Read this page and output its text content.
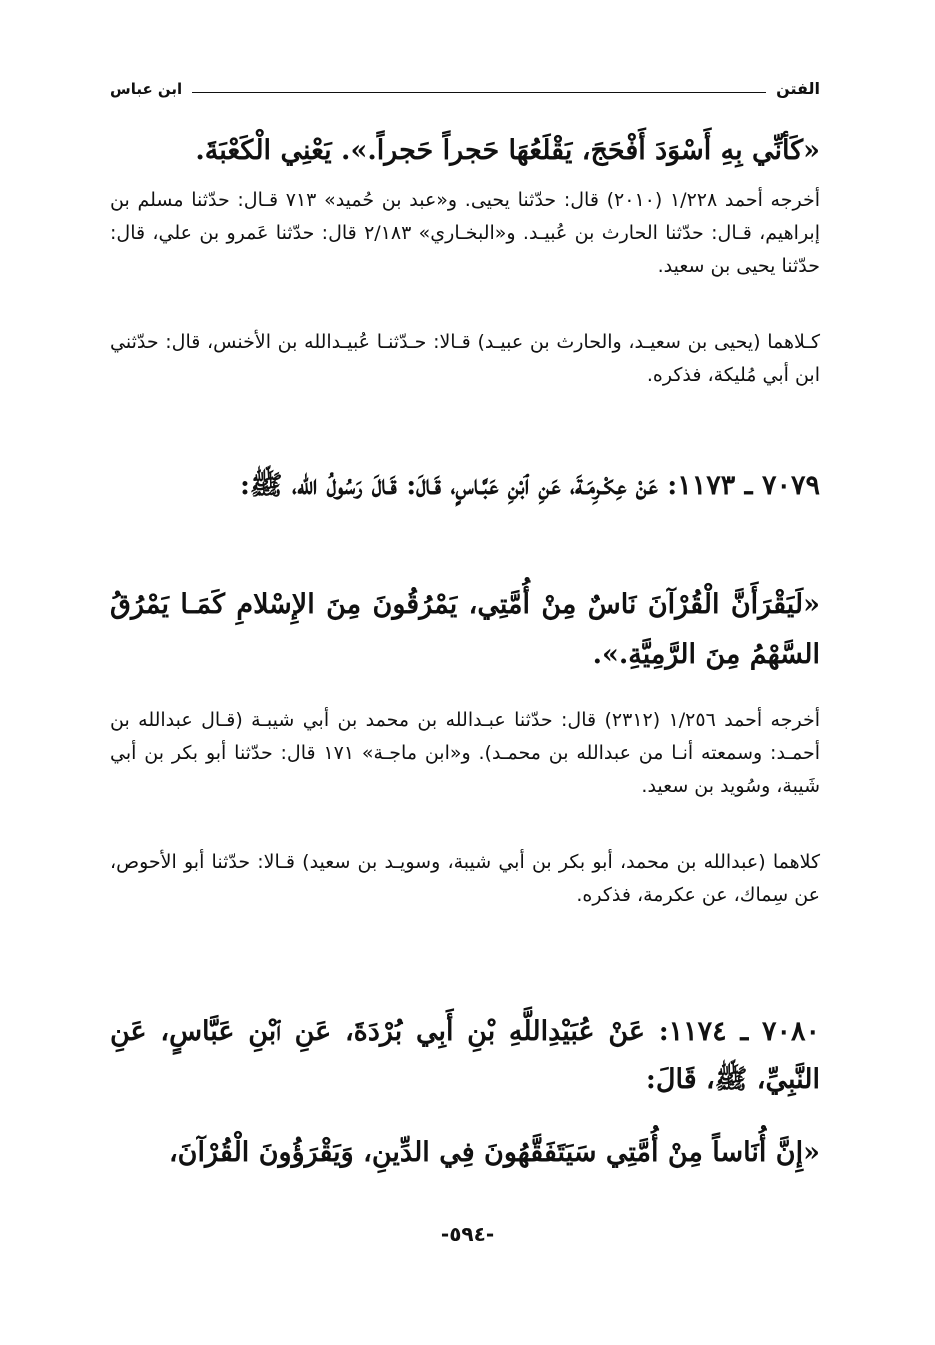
الفتن
ابن عباس
«كَأنِّي بِهِ أَسْوَدَ أَفْحَجَ، يَقْلَعُهَا حَجراً حَجراً.». يَعْنِي الْكَعْبَةَ.
أخرجه أحمد ١/٢٢٨ (٢٠١٠) قال: حدّثنا يحيى. و«عبد بن حُميد» ٧١٣ قـال: حدّثنا مسلم بن إبراهيم، قـال: حدّثنا الحارث بن عُبيـد. و«البخـاري» ٢/١٨٣ قال: حدّثنا عَمرو بن علي، قال: حدّثنا يحيى بن سعيد.
كـلاهما (يحيى بن سعيـد، والحارث بن عبيـد) قـالا: حـدّثنـا عُبيـدالله بن الأخنس، قال: حدّثني ابن أبي مُليكة، فذكره.
٧٠٧٩ ـ ١١٧٣: عَنْ عِكْـرِمَـةَ، عَنِ ٱبْنِ عَبَّـاسٍ، قَـالَ: قَـالَ رَسُولُ الله، ﷺ:
«لَيَقْرَأَنَّ الْقُرْآنَ نَاسٌ مِنْ أُمَّتِي، يَمْرُقُونَ مِنَ الإِسْلامِ كَمَـا يَمْرُقُ السَّهْمُ مِنَ الرَّمِيَّةِ.».
أخرجه أحمد ١/٢٥٦ (٢٣١٢) قال: حدّثنا عبـدالله بن محمد بن أبي شيبـة (قـال عبدالله بن أحمـد: وسمعته أنـا من عبدالله بن محمـد). و«ابن ماجـة» ١٧١ قال: حدّثنا أبو بكر بن أبي شَيبة، وسُويد بن سعيد.
كلاهما (عبدالله بن محمد، أبو بكر بن أبي شيبة، وسويـد بن سعيد) قـالا: حدّثنا أبو الأحوص، عن سِماك، عن عكرمة، فذكره.
٧٠٨٠ ـ ١١٧٤: عَنْ عُبَيْدِاللَّهِ بْنِ أَبِي بُرْدَةَ، عَنِ ٱبْنِ عَبَّاسٍ، عَنِ النَّبِيِّ، ﷺ، قَالَ:
«إِنَّ أُنَاساً مِنْ أُمَّتِي سَيَتَفَقَّهُونَ فِي الدِّينِ، وَيَقْرَؤُونَ الْقُرْآنَ،
-٥٩٤-
